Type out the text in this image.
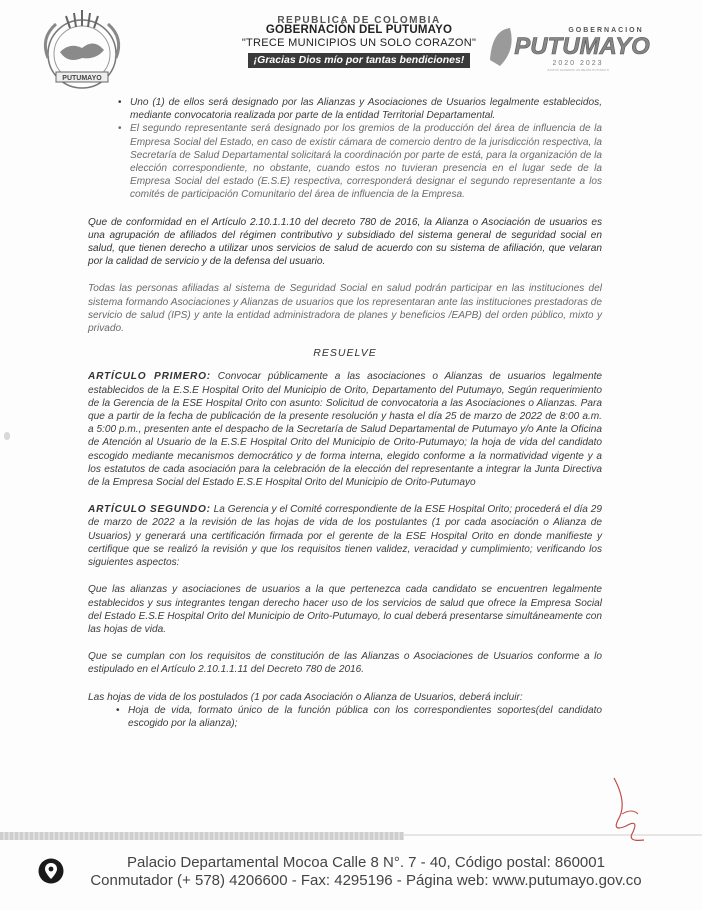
PUTUMAYO
REPUBLICA DE COLOMBIA
GOBERNACIÓN DEL PUTUMAYO
"TRECE MUNICIPIOS UN SOLO CORAZON"
¡Gracias Dios mío por tantas bendiciones!
GOBERNACION
PUTUMAYO
2020 2023
JUNTOS HACEMOS UN MEJOR PUTUMAYO
• Uno (1) de ellos será designado por las Alianzas y Asociaciones de Usuarios legalmente establecidos, mediante convocatoria realizada por parte de la entidad Territorial Departamental.
• El segundo representante será designado por los gremios de la producción del área de influencia de la Empresa Social del Estado, en caso de existir cámara de comercio dentro de la jurisdicción respectiva, la Secretaría de Salud Departamental solicitará la coordinación por parte de está, para la organización de la elección correspondiente, no obstante, cuando estos no tuvieran presencia en el lugar sede de la Empresa Social del estado (E.S.E) respectiva, corresponderá designar el segundo representante a los comités de participación Comunitario del área de influencia de la Empresa.

Que de conformidad en el Artículo 2.10.1.1.10 del decreto 780 de 2016, la Alianza o Asociación de usuarios es una agrupación de afiliados del régimen contributivo y subsidiado del sistema general de seguridad social en salud, que tienen derecho a utilizar unos servicios de salud de acuerdo con su sistema de afiliación, que velaran por la calidad de servicio y de la defensa del usuario.

Todas las personas afiliadas al sistema de Seguridad Social en salud podrán participar en las instituciones del sistema formando Asociaciones y Alianzas de usuarios que los representaran ante las instituciones prestadoras de servicio de salud (IPS) y ante la entidad administradora de planes y beneficios /EAPB) del orden público, mixto y privado.

RESUELVE

ARTÍCULO PRIMERO: Convocar públicamente a las asociaciones o Alianzas de usuarios legalmente establecidos de la E.S.E Hospital Orito del Municipio de Orito, Departamento del Putumayo, Según requerimiento de la Gerencia de la ESE Hospital Orito con asunto: Solicitud de convocatoria a las Asociaciones o Alianzas. Para que a partir de la fecha de publicación de la presente resolución y hasta el día 25 de marzo de 2022 de 8:00 a.m. a 5:00 p.m., presenten ante el despacho de la Secretaría de Salud Departamental de Putumayo y/o Ante la Oficina de Atención al Usuario de la E.S.E Hospital Orito del Municipio de Orito-Putumayo; la hoja de vida del candidato escogido mediante mecanismos democrático y de forma interna, elegido conforme a la normatividad vigente y a los estatutos de cada asociación para la celebración de la elección del representante a integrar la Junta Directiva de la Empresa Social del Estado E.S.E Hospital Orito del Municipio de Orito-Putumayo

ARTÍCULO SEGUNDO: La Gerencia y el Comité correspondiente de la ESE Hospital Orito; procederá el día 29 de marzo de 2022 a la revisión de las hojas de vida de los postulantes (1 por cada asociación o Alianza de Usuarios) y generará una certificación firmada por el gerente de la ESE Hospital Orito en donde manifieste y certifique que se realizó la revisión y que los requisitos tienen validez, veracidad y cumplimiento; verificando los siguientes aspectos:

Que las alianzas y asociaciones de usuarios a la que pertenezca cada candidato se encuentren legalmente establecidos y sus integrantes tengan derecho hacer uso de los servicios de salud que ofrece la Empresa Social del Estado E.S.E Hospital Orito del Municipio de Orito-Putumayo, lo cual deberá presentarse simultáneamente con las hojas de vida.

Que se cumplan con los requisitos de constitución de las Alianzas o Asociaciones de Usuarios conforme a lo estipulado en el Artículo 2.10.1.1.11 del Decreto 780 de 2016.

Las hojas de vida de los postulados (1 por cada Asociación o Alianza de Usuarios, deberá incluir:

• Hoja de vida, formato único de la función pública con los correspondientes soportes(del candidato escogido por la alianza);
Palacio Departamental Mocoa Calle 8 N°. 7 - 40, Código postal: 860001
Conmutador (+ 578) 4206600 - Fax: 4295196 - Página web: www.putumayo.gov.co
